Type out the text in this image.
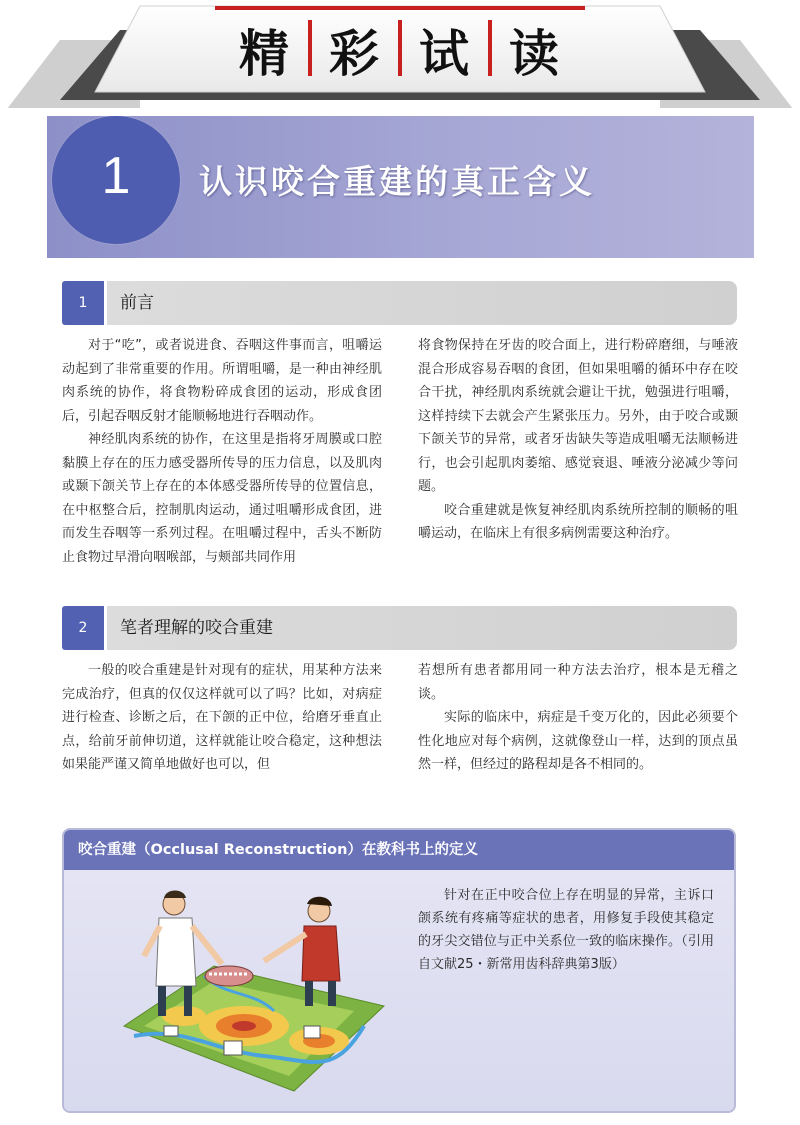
精 彩 试 读
1	认识咬合重建的真正含义
1	前言

对于“吃”，或者说进食、吞咽这件事而言，咀嚼运动起到了非常重要的作用。所谓咀嚼，是一种由神经肌肉系统的协作，将食物粉碎成食团的运动，形成食团后，引起吞咽反射才能顺畅地进行吞咽动作。

神经肌肉系统的协作，在这里是指将牙周膜或口腔黏膜上存在的压力感受器所传导的压力信息，以及肌肉或颞下颌关节上存在的本体感受器所传导的位置信息，在中枢整合后，控制肌肉运动，通过咀嚼形成食团，进而发生吞咽等一系列过程。在咀嚼过程中，舌头不断防止食物过早滑向咽喉部，与颊部共同作用

将食物保持在牙齿的咬合面上，进行粉碎磨细，与唾液混合形成容易吞咽的食团，但如果咀嚼的循环中存在咬合干扰，神经肌肉系统就会避让干扰，勉强进行咀嚼，这样持续下去就会产生紧张压力。另外，由于咬合或颞下颌关节的异常，或者牙齿缺失等造成咀嚼无法顺畅进行，也会引起肌肉萎缩、感觉衰退、唾液分泌减少等问题。

咬合重建就是恢复神经肌肉系统所控制的顺畅的咀嚼运动，在临床上有很多病例需要这种治疗。

2	笔者理解的咬合重建

一般的咬合重建是针对现有的症状，用某种方法来完成治疗，但真的仅仅这样就可以了吗？比如，对病症进行检查、诊断之后，在下颌的正中位，给磨牙垂直止点，给前牙前伸切道，这样就能让咬合稳定，这种想法如果能严谨又简单地做好也可以，但

若想所有患者都用同一种方法去治疗，根本是无稽之谈。

实际的临床中，病症是千变万化的，因此必须要个性化地应对每个病例，这就像登山一样，达到的顶点虽然一样，但经过的路程却是各不相同的。

咬合重建（Occlusal Reconstruction）在教科书上的定义
针对在正中咬合位上存在明显的异常，主诉口颌系统有疼痛等症状的患者，用修复手段使其稳定的牙尖交错位与正中关系位一致的临床操作。（引用自文献25・新常用齿科辞典第3版）
